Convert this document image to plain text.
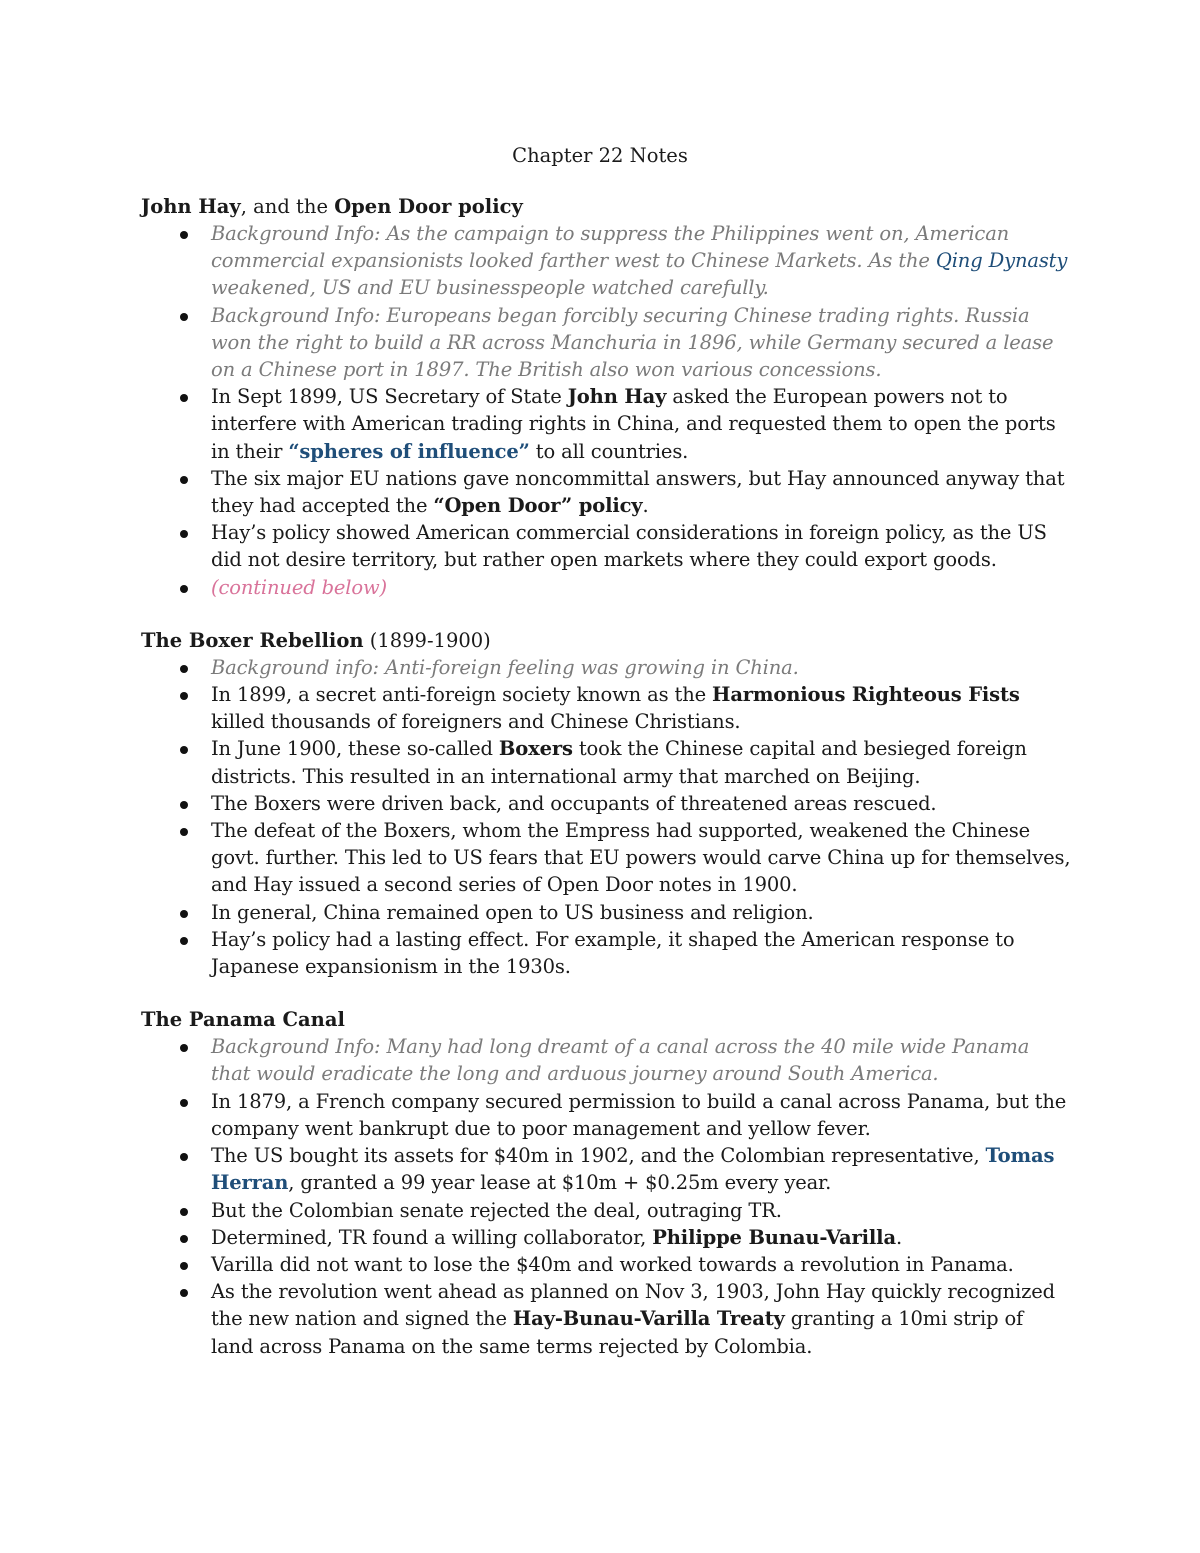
Chapter 22 Notes

John Hay, and the Open Door policy

Background Info: As the campaign to suppress the Philippines went on, American commercial expansionists looked farther west to Chinese Markets. As the Qing Dynasty weakened, US and EU businesspeople watched carefully.
Background Info: Europeans began forcibly securing Chinese trading rights. Russia won the right to build a RR across Manchuria in 1896, while Germany secured a lease on a Chinese port in 1897. The British also won various concessions.
In Sept 1899, US Secretary of State John Hay asked the European powers not to interfere with American trading rights in China, and requested them to open the ports in their “spheres of influence” to all countries.
The six major EU nations gave noncommittal answers, but Hay announced anyway that they had accepted the “Open Door” policy.
Hay’s policy showed American commercial considerations in foreign policy, as the US did not desire territory, but rather open markets where they could export goods.
(continued below)

The Boxer Rebellion (1899-1900)

Background info: Anti-foreign feeling was growing in China.
In 1899, a secret anti-foreign society known as the Harmonious Righteous Fists killed thousands of foreigners and Chinese Christians.
In June 1900, these so-called Boxers took the Chinese capital and besieged foreign districts. This resulted in an international army that marched on Beijing.
The Boxers were driven back, and occupants of threatened areas rescued.
The defeat of the Boxers, whom the Empress had supported, weakened the Chinese govt. further. This led to US fears that EU powers would carve China up for themselves, and Hay issued a second series of Open Door notes in 1900.
In general, China remained open to US business and religion.
Hay’s policy had a lasting effect. For example, it shaped the American response to Japanese expansionism in the 1930s.

The Panama Canal

Background Info: Many had long dreamt of a canal across the 40 mile wide Panama that would eradicate the long and arduous journey around South America.
In 1879, a French company secured permission to build a canal across Panama, but the company went bankrupt due to poor management and yellow fever.
The US bought its assets for $40m in 1902, and the Colombian representative, Tomas Herran, granted a 99 year lease at $10m + $0.25m every year.
But the Colombian senate rejected the deal, outraging TR.
Determined, TR found a willing collaborator, Philippe Bunau-Varilla.
Varilla did not want to lose the $40m and worked towards a revolution in Panama.
As the revolution went ahead as planned on Nov 3, 1903, John Hay quickly recognized the new nation and signed the Hay-Bunau-Varilla Treaty granting a 10mi strip of land across Panama on the same terms rejected by Colombia.
